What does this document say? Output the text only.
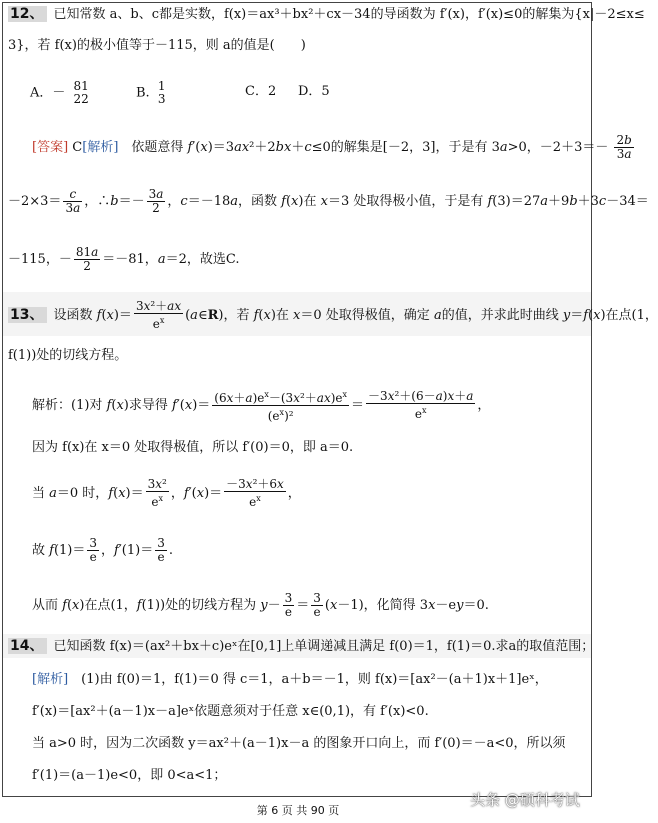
12、 已知常数 a、b、c都是实数，f(x)＝ax³＋bx²＋cx－34的导函数为 f′(x)，f′(x)≤0的解集为{x|－2≤x≤
3}，若 f(x)的极小值等于－115，则 a的值是(　　)
A．－ 81
22	B. 1
3	C．2 D．5
[答案] C[解析]　依题意得 f′(x)＝3ax²＋2bx＋c≤0的解集是[－2，3]，于是有 3a>0，$-2+3=- \frac{2b}{3a}$
$-2\times 3= \frac{c}{3a}$ ，∴b＝－ $\frac{3a}{2}$ ，c＝－18a，函数 f(x)在 x＝3 处取得极小值，于是有 f(3)＝27a＋9b＋3c－34＝
－115，－ $\frac{81a}{2} =-81$，a＝2，故选C.
13、 设函数 $f(x)= \frac{\text{3x²＋ax}}{e^x}$ (a∈R)，若 f(x)在 x＝0 处取得极值，确定 a的值，并求此时曲线 y＝f(x)在点(1，
f(1))处的切线方程。
解析：(1)对 f(x)求导得 $f'(x)= \frac{(6x+a)e^x-(3x^2+ax)e^x}{(e^x)^2} = \frac{\text{－3x²＋(6－a)x＋a}}{e^x}$ ，
因为 f(x)在 x＝0 处取得极值，所以 f′(0)＝0，即 a＝0.
当 a＝0 时，$f(x)= \frac{\text{3x²}}{e^x}$ ，$f'(x)= \frac{\text{－3x²＋6x}}{e^x}$ ，
故 $f(1)= \frac{3}{e}$ ，$f'(1)= \frac{3}{e}$ .
从而 f(x)在点(1，f(1))处的切线方程为 $y- \frac{3}{e} = \frac{3}{e} (x-1)$，化简得 3x－ey＝0.
14、 已知函数 f(x)＝(ax²＋bx＋c)eˣ在[0,1]上单调递减且满足 f(0)＝1，f(1)＝0.求a的取值范围；
[解析]　 (1)由 f(0)＝1，f(1)＝0 得 c＝1，a＋b＝－1，则 f(x)＝[ax²－(a＋1)x＋1]eˣ，
f′(x)＝[ax²＋(a－1)x－a]eˣ依题意须对于任意 x∈(0,1)，有 f′(x)<0.
当 a>0 时，因为二次函数 y＝ax²＋(a－1)x－a 的图象开口向上，而 f′(0)＝－a<0，所以须
f′(1)＝(a－1)e<0，即 0<a<1；
第 6 页 共 90 页
头条 @硕科考试
